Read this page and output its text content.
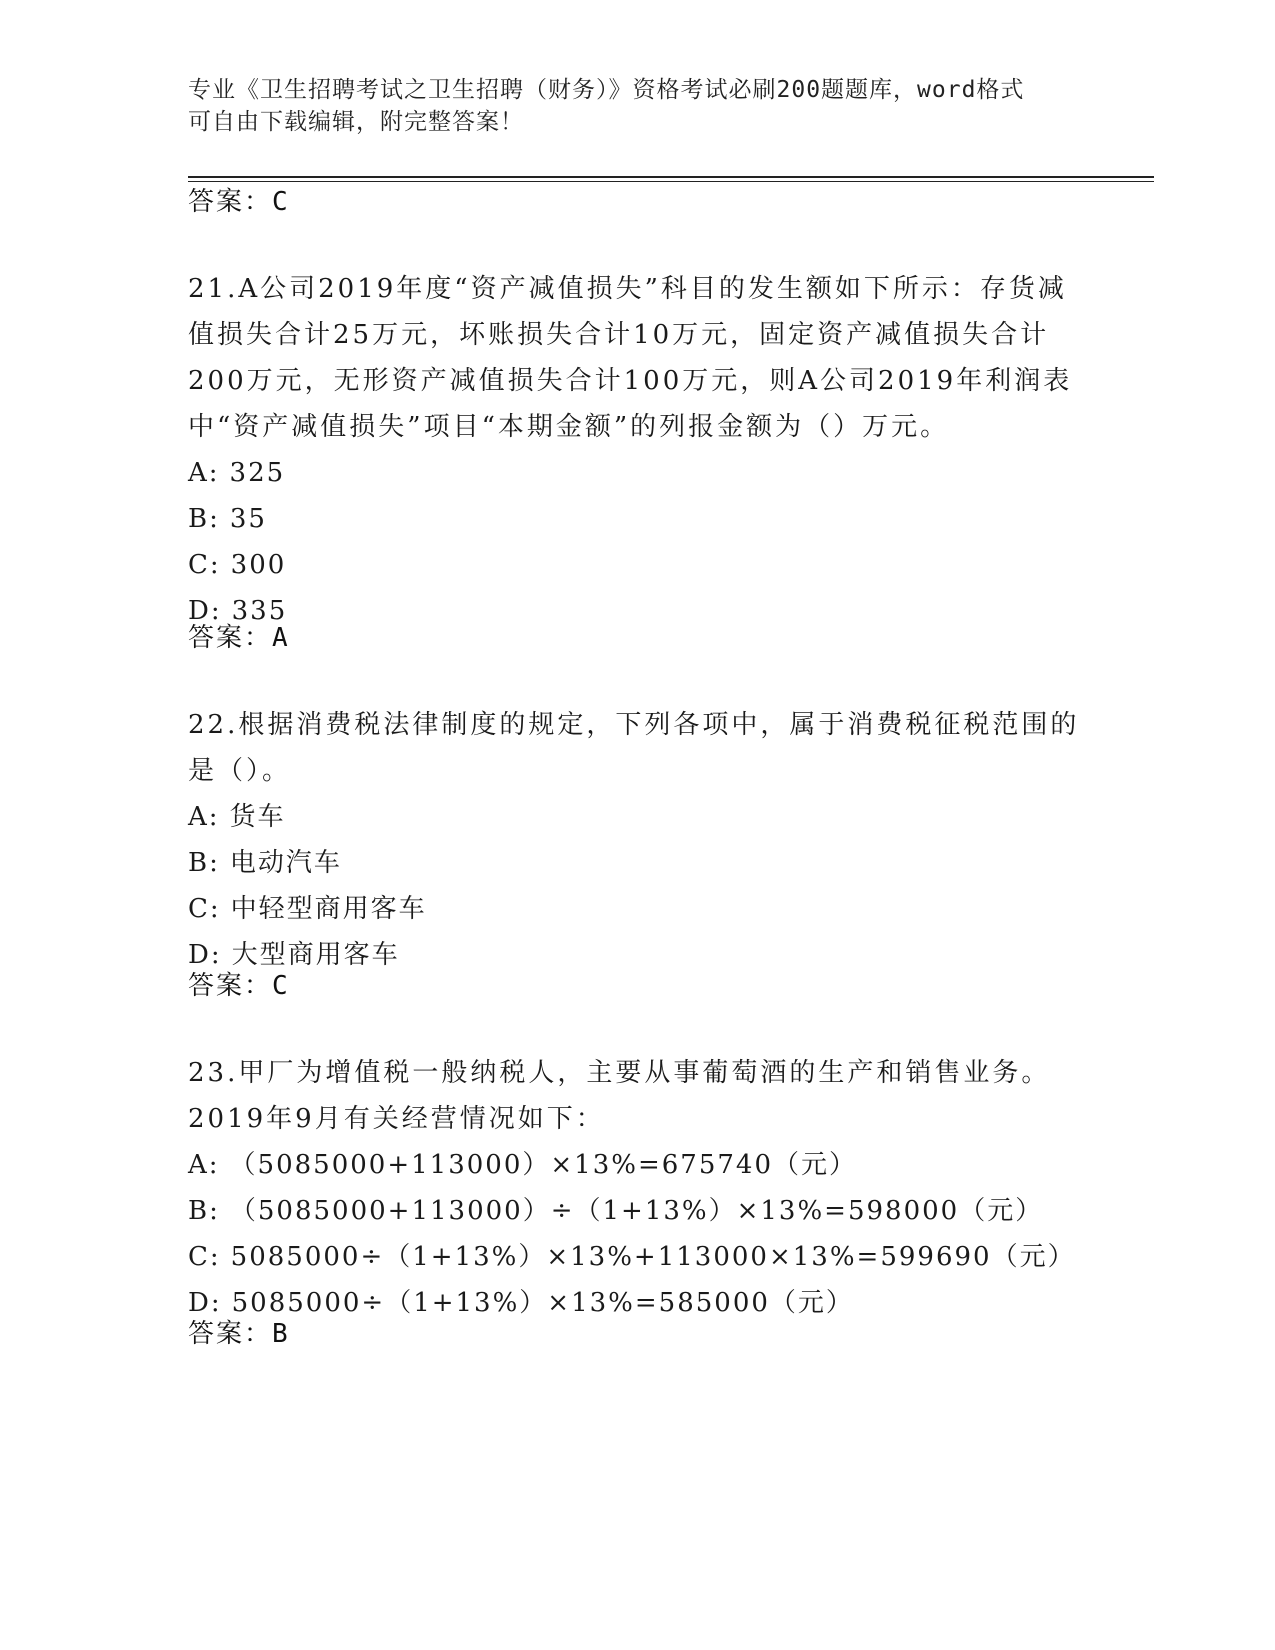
专业《卫生招聘考试之卫生招聘（财务）》资格考试必刷200题题库，word格式
可自由下载编辑，附完整答案！
答案：C
21.A公司2019年度“资产减值损失”科目的发生额如下所示：存货减
值损失合计25万元，坏账损失合计10万元，固定资产减值损失合计
200万元，无形资产减值损失合计100万元，则A公司2019年利润表
中“资产减值损失”项目“本期金额”的列报金额为（）万元。
A: 325
B: 35
C: 300
D: 335
答案：A
22.根据消费税法律制度的规定，下列各项中，属于消费税征税范围的
是（）。
A: 货车
B: 电动汽车
C: 中轻型商用客车
D: 大型商用客车
答案：C
23.甲厂为增值税一般纳税人，主要从事葡萄酒的生产和销售业务。
2019年9月有关经营情况如下：
A: （5085000+113000）×13%=675740（元）
B: （5085000+113000）÷（1+13%）×13%=598000（元）
C: 5085000÷（1+13%）×13%+113000×13%=599690（元）
D: 5085000÷（1+13%）×13%=585000（元）
答案：B
